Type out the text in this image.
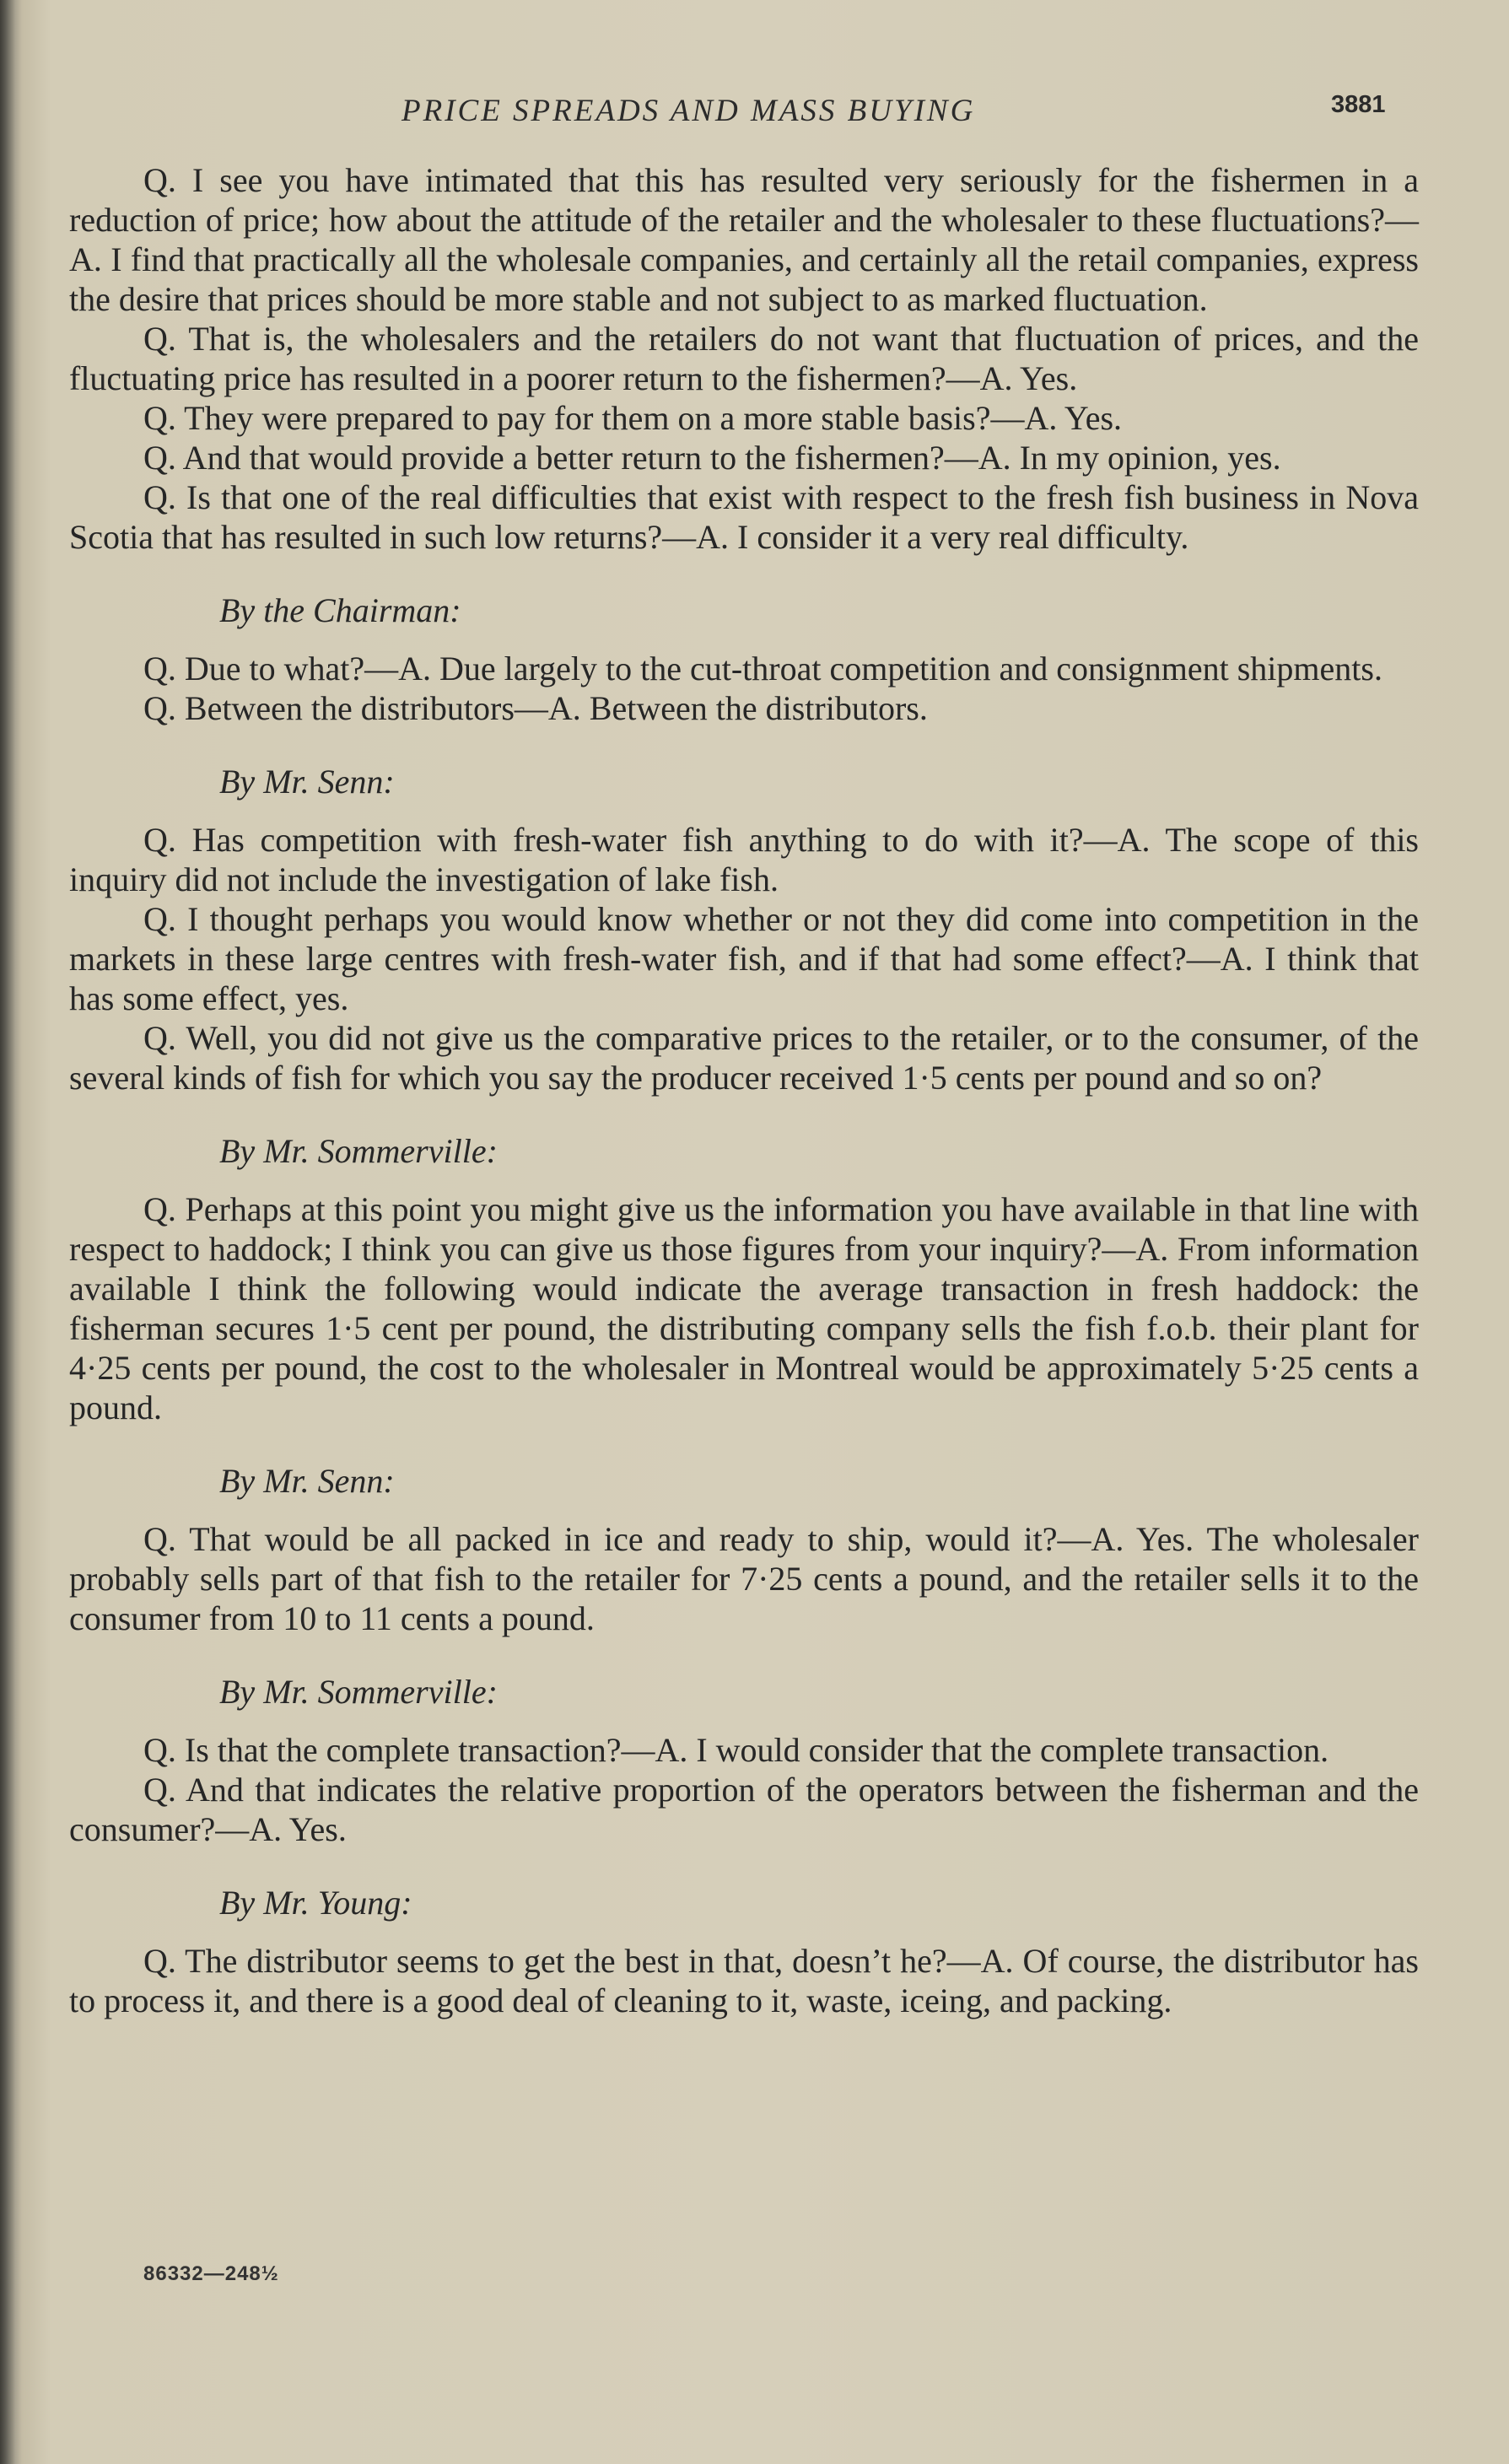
PRICE SPREADS AND MASS BUYING	3881

Q. I see you have intimated that this has resulted very seriously for the fishermen in a reduction of price; how about the attitude of the retailer and the wholesaler to these fluctuations?—A. I find that practically all the wholesale companies, and certainly all the retail companies, express the desire that prices should be more stable and not subject to as marked fluctuation.

Q. That is, the wholesalers and the retailers do not want that fluctuation of prices, and the fluctuating price has resulted in a poorer return to the fishermen?—A. Yes.

Q. They were prepared to pay for them on a more stable basis?—A. Yes.

Q. And that would provide a better return to the fishermen?—A. In my opinion, yes.

Q. Is that one of the real difficulties that exist with respect to the fresh fish business in Nova Scotia that has resulted in such low returns?—A. I consider it a very real difficulty.

By the Chairman:

Q. Due to what?—A. Due largely to the cut-throat competition and consignment shipments.

Q. Between the distributors—A. Between the distributors.

By Mr. Senn:

Q. Has competition with fresh-water fish anything to do with it?—A. The scope of this inquiry did not include the investigation of lake fish.

Q. I thought perhaps you would know whether or not they did come into competition in the markets in these large centres with fresh-water fish, and if that had some effect?—A. I think that has some effect, yes.

Q. Well, you did not give us the comparative prices to the retailer, or to the consumer, of the several kinds of fish for which you say the producer received 1·5 cents per pound and so on?

By Mr. Sommerville:

Q. Perhaps at this point you might give us the information you have available in that line with respect to haddock; I think you can give us those figures from your inquiry?—A. From information available I think the following would indicate the average transaction in fresh haddock: the fisherman secures 1·5 cent per pound, the distributing company sells the fish f.o.b. their plant for 4·25 cents per pound, the cost to the wholesaler in Montreal would be approximately 5·25 cents a pound.

By Mr. Senn:

Q. That would be all packed in ice and ready to ship, would it?—A. Yes. The wholesaler probably sells part of that fish to the retailer for 7·25 cents a pound, and the retailer sells it to the consumer from 10 to 11 cents a pound.

By Mr. Sommerville:

Q. Is that the complete transaction?—A. I would consider that the complete transaction.

Q. And that indicates the relative proportion of the operators between the fisherman and the consumer?—A. Yes.

By Mr. Young:

Q. The distributor seems to get the best in that, doesn’t he?—A. Of course, the distributor has to process it, and there is a good deal of cleaning to it, waste, iceing, and packing.

86332—248½
